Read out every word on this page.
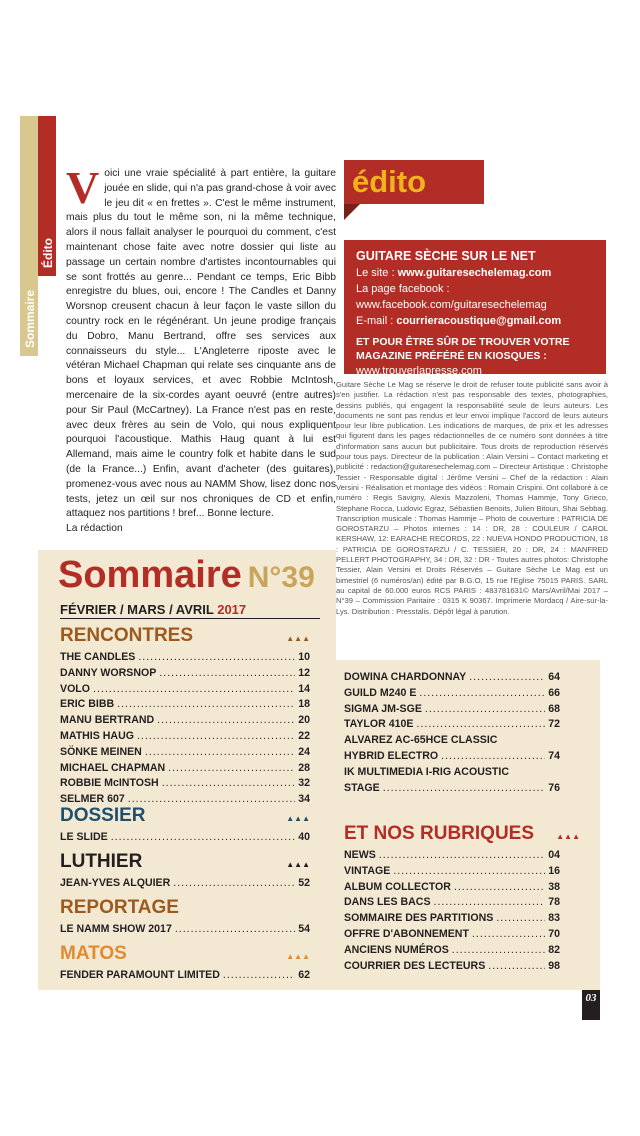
Sommaire
Édito
V oici une vraie spécialité à part entière, la guitare jouée en slide, qui n'a pas grand-chose à voir avec le jeu dit « en frettes ». C'est le même instrument, mais plus du tout le même son, ni la même technique, alors il nous fallait analyser le pourquoi du comment, c'est maintenant chose faite avec notre dossier qui liste au passage un certain nombre d'artistes incontournables qui se sont frottés au genre... Pendant ce temps, Eric Bibb enregistre du blues, oui, encore ! The Candles et Danny Worsnop creusent chacun à leur façon le vaste sillon du country rock en le régénérant. Un jeune prodige français du Dobro, Manu Bertrand, offre ses services aux connaisseurs du style... L'Angleterre riposte avec le vétéran Michael Chapman qui relate ses cinquante ans de bons et loyaux services, et avec Robbie McIntosh, mercenaire de la six-cordes ayant oeuvré (entre autres) pour Sir Paul (McCartney). La France n'est pas en reste, avec deux frères au sein de Volo, qui nous expliquent pourquoi l'acoustique. Mathis Haug quant à lui est Allemand, mais aime le country folk et habite dans le sud (de la France...) Enfin, avant d'acheter (des guitares), promenez-vous avec nous au NAMM Show, lisez donc nos tests, jetez un œil sur nos chroniques de CD et enfin, attaquez nos partitions ! bref... Bonne lecture.
La rédaction
édito
GUITARE SÈCHE SUR LE NET
Le site : www.guitaresechelemag.com
La page facebook :
www.facebook.com/guitaresechelemag
E-mail : courrieracoustique@gmail.com
ET POUR ÊTRE SÛR DE TROUVER VOTRE MAGAZINE PRÉFÉRÉ EN KIOSQUES :
www.trouverlapresse.com
Guitare Sèche Le Mag se réserve le droit de refuser toute publicité sans avoir à s'en justifier. La rédaction n'est pas responsable des textes, photographies, dessins publiés, qui engagent la responsabilité seule de leurs auteurs. Les documents ne sont pas rendus et leur envoi implique l'accord de leurs auteurs pour leur libre publication. Les indications de marques, de prix et les adresses qui figurent dans les pages rédactionnelles de ce numéro sont données à titre d'information sans aucun but publicitaire. Tous droits de reproduction réservés pour tous pays. Directeur de la publication : Alain Versini – Contact marketing et publicité : redaction@guitaresechelemag.com – Directeur Artistique : Christophe Tessier - Responsable digital : Jérôme Versini – Chef de la rédaction : Alain Versini - Réalisation et montage des vidéos : Romain Crispini. Ont collaboré à ce numéro : Regis Savigny, Alexis Mazzoleni, Thomas Hammje, Tony Grieco, Stephane Rocca, Ludovic Egraz, Sébastien Benoits, Julien Bitoun, Shai Sebbag. Transcription musicale : Thomas Hammje – Photo de couverture : PATRICIA DE GOROSTARZU – Photos internes : 14 : DR, 28 : COULEUR / CAROL KERSHAW, 12: EARACHE RECORDS, 22 : NUEVA HONDO PRODUCTION, 18 : PATRICIA DE GOROSTARZU / C. TESSIER, 20 : DR, 24 : MANFRED PELLERT PHOTOGRAPHY, 34 : DR, 32 : DR - Toutes autres photos: Christophe Tessier, Alain Versini et Droits Réservés – Guitare Sèche Le Mag est un bimestriel (6 numéros/an) édité par B.G.O, 15 rue l'Eglise 75015 PARIS. SARL au capital de 60.000 euros RCS PARIS : 483781631© Mars/Avril/Mai 2017 – N°39 – Commission Paritaire : 0315 K 90367. Imprimerie Mordacq / Aire-sur-la-Lys. Distribution : Presstalis. Dépôt légal à parution.
Sommaire N°39
FÉVRIER / MARS / AVRIL 2017
RENCONTRES	▲▲▲
THE CANDLES .....	10
DANNY WORSNOP .....	12
VOLO .....	14
ERIC BIBB .....	18
MANU BERTRAND .....	20
MATHIS HAUG .....	22
SÖNKE MEINEN .....	24
MICHAEL CHAPMAN .....	28
ROBBIE McINTOSH .....	32
SELMER 607 .....	34
DOSSIER	▲▲▲
LE SLIDE .....	40
LUTHIER	▲▲▲
JEAN-YVES ALQUIER .....	52
REPORTAGE
LE NAMM SHOW 2017 .....	54
MATOS	▲▲▲
FENDER PARAMOUNT LIMITED .....	62
DOWINA CHARDONNAY .....	64
GUILD M240 E .....	66
SIGMA JM-SGE .....	68
TAYLOR 410E .....	72
ALVAREZ AC-65HCE CLASSIC
HYBRID ELECTRO .....	74
IK MULTIMEDIA I-RIG ACOUSTIC
STAGE .....	76
ET NOS RUBRIQUES	▲▲▲
NEWS .....	04
VINTAGE .....	16
ALBUM COLLECTOR .....	38
DANS LES BACS .....	78
SOMMAIRE DES PARTITIONS .....	83
OFFRE D'ABONNEMENT .....	70
ANCIENS NUMÉROS .....	82
COURRIER DES LECTEURS .....	98
03
